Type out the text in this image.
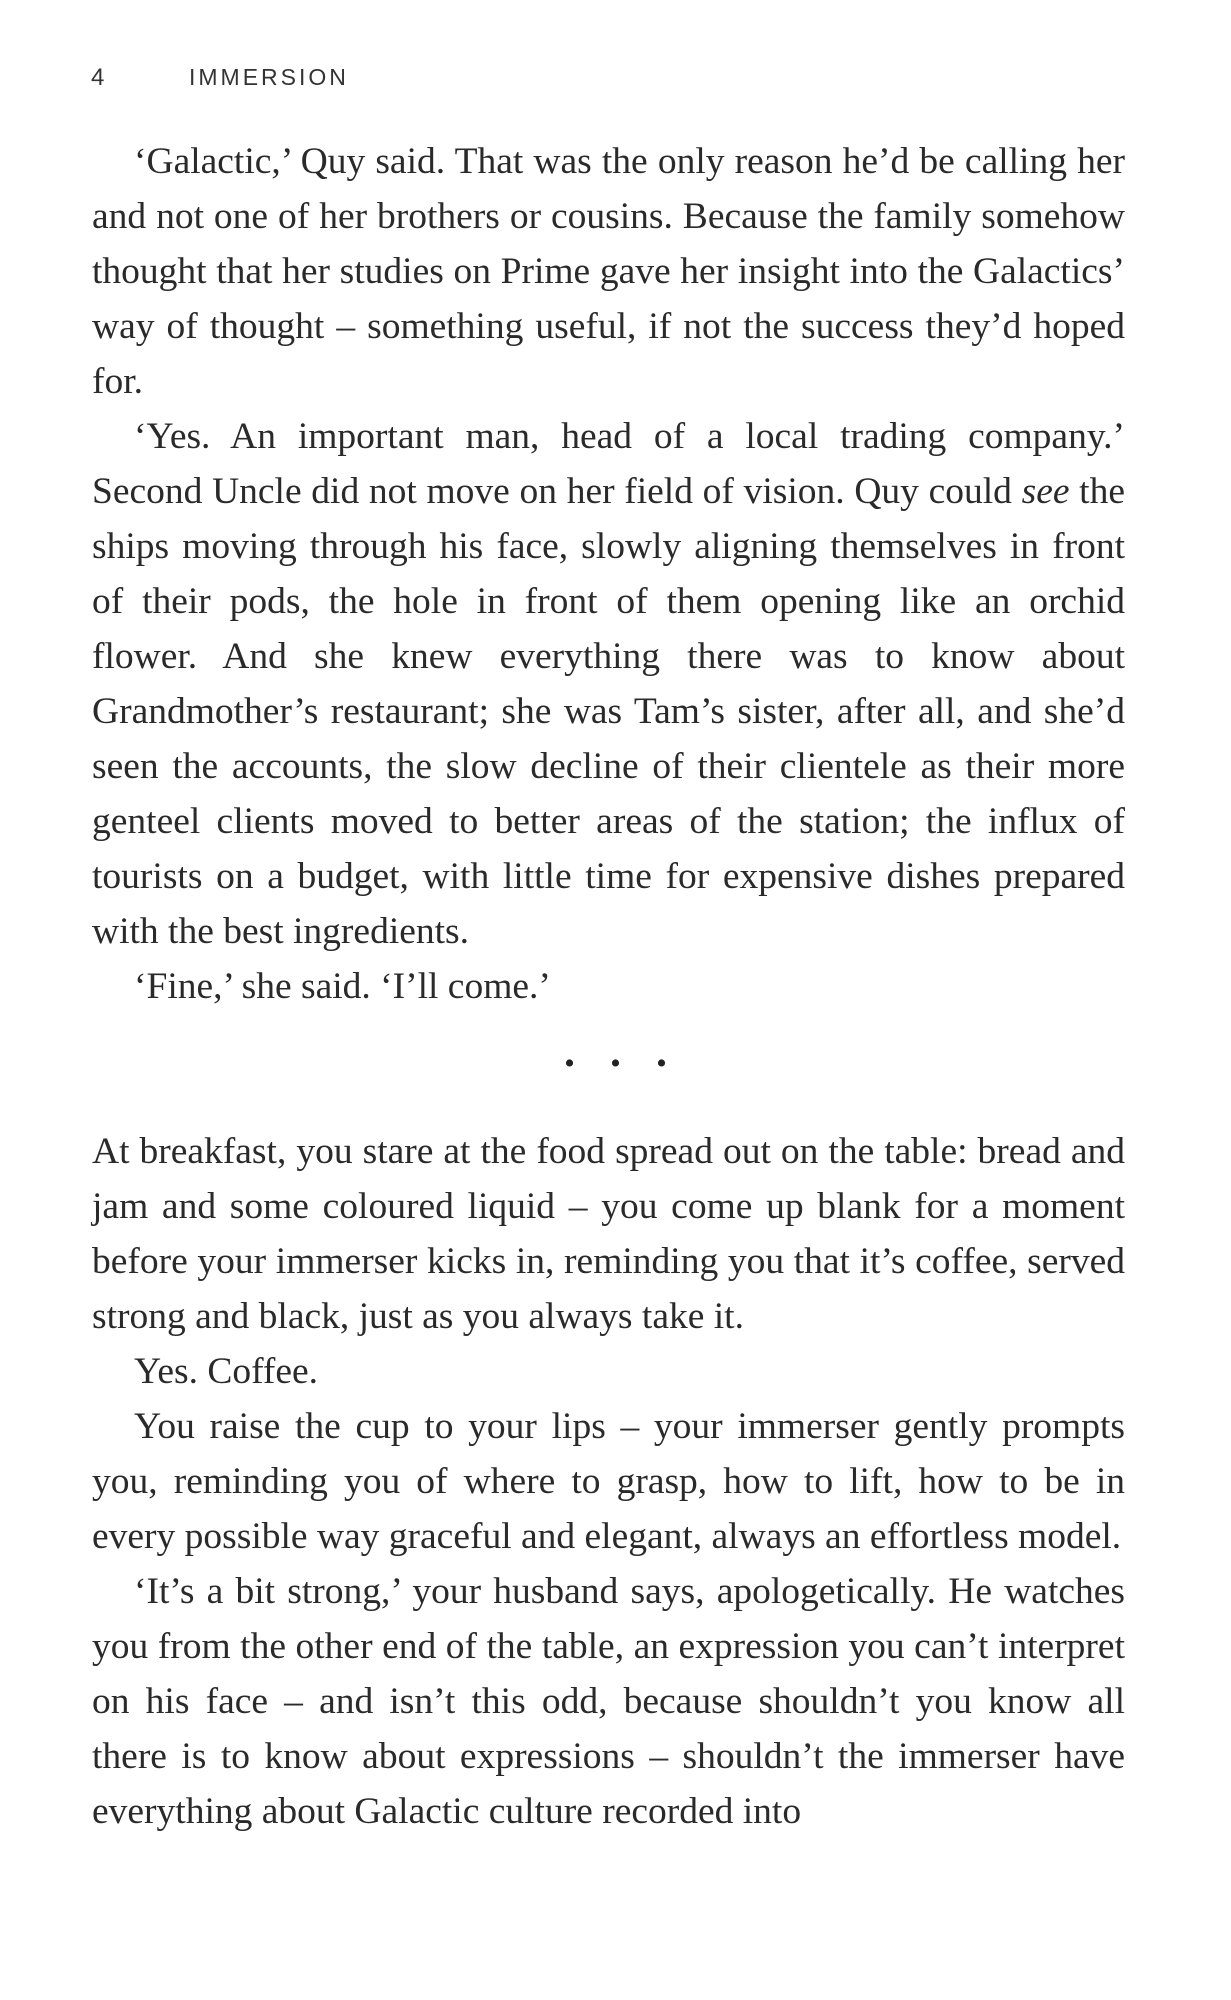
4	IMMERSION

‘Galactic,’ Quy said. That was the only reason he’d be calling her and not one of her brothers or cousins. Because the family somehow thought that her studies on Prime gave her insight into the Galactics’ way of thought – something useful, if not the success they’d hoped for.

‘Yes. An important man, head of a local trading company.’ Second Uncle did not move on her field of vision. Quy could see the ships moving through his face, slowly aligning themselves in front of their pods, the hole in front of them opening like an orchid flower. And she knew everything there was to know about Grandmother’s restaurant; she was Tam’s sister, after all, and she’d seen the accounts, the slow decline of their clientele as their more genteel clients moved to better areas of the station; the influx of tourists on a budget, with little time for expensive dishes prepared with the best ingredients.

‘Fine,’ she said. ‘I’ll come.’

• • •

At breakfast, you stare at the food spread out on the table: bread and jam and some coloured liquid – you come up blank for a moment before your immerser kicks in, reminding you that it’s coffee, served strong and black, just as you always take it.

Yes. Coffee.

You raise the cup to your lips – your immerser gently prompts you, reminding you of where to grasp, how to lift, how to be in every possible way graceful and elegant, always an effortless model.

‘It’s a bit strong,’ your husband says, apologetically. He watches you from the other end of the table, an expression you can’t interpret on his face – and isn’t this odd, because shouldn’t you know all there is to know about expressions – shouldn’t the immerser have everything about Galactic culture recorded into
